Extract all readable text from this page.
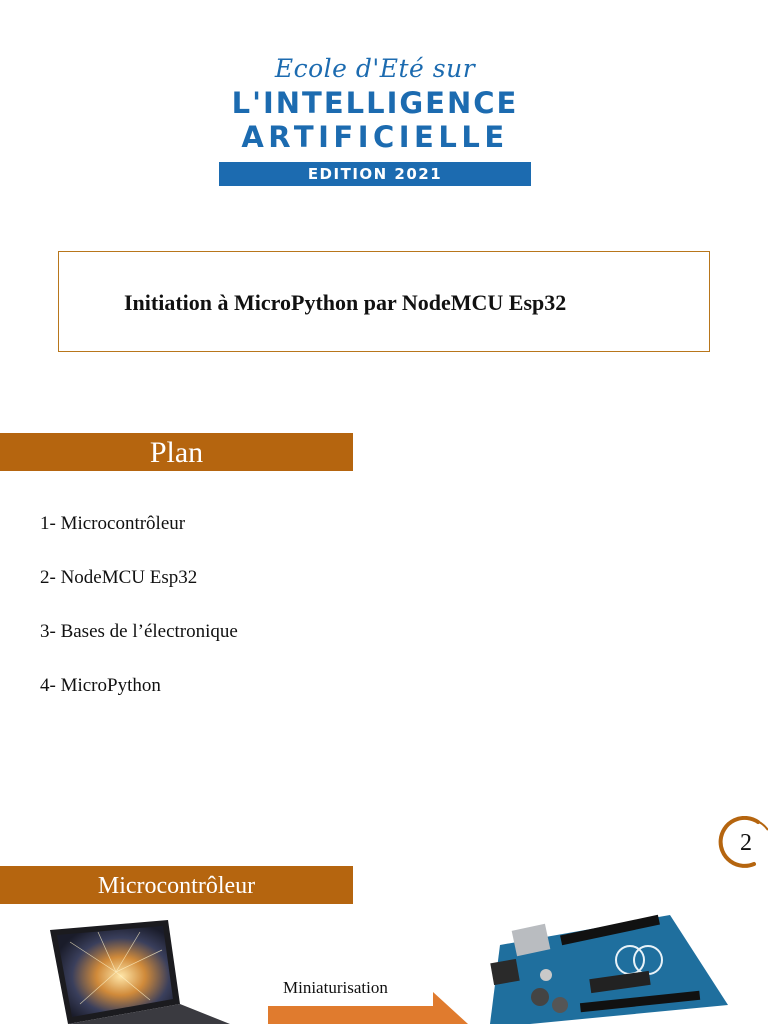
Ecole d'Eté sur
L'INTELLIGENCE
ARTIFICIELLE
EDITION 2021
Initiation à MicroPython par NodeMCU Esp32
Plan
1- Microcontrôleur
2- NodeMCU Esp32
3- Bases de l’électronique
4- MicroPython
2
Microcontrôleur
Miniaturisation
